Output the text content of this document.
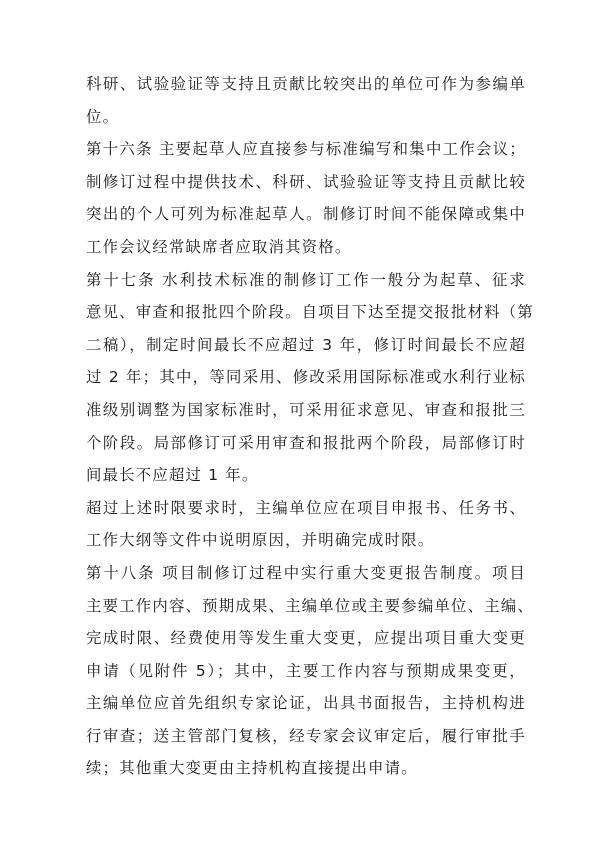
科研、试验验证等支持且贡献比较突出的单位可作为参编单
位。
第十六条 主要起草人应直接参与标准编写和集中工作会议；
制修订过程中提供技术、科研、试验验证等支持且贡献比较
突出的个人可列为标准起草人。制修订时间不能保障或集中
工作会议经常缺席者应取消其资格。
第十七条 水利技术标准的制修订工作一般分为起草、征求
意见、审查和报批四个阶段。自项目下达至提交报批材料（第
二稿），制定时间最长不应超过 3 年，修订时间最长不应超
过 2 年；其中，等同采用、修改采用国际标准或水利行业标
准级别调整为国家标准时，可采用征求意见、审查和报批三
个阶段。局部修订可采用审查和报批两个阶段，局部修订时
间最长不应超过 1 年。
超过上述时限要求时，主编单位应在项目申报书、任务书、
工作大纲等文件中说明原因，并明确完成时限。
第十八条 项目制修订过程中实行重大变更报告制度。项目
主要工作内容、预期成果、主编单位或主要参编单位、主编、
完成时限、经费使用等发生重大变更，应提出项目重大变更
申请（见附件 5）；其中，主要工作内容与预期成果变更，
主编单位应首先组织专家论证，出具书面报告，主持机构进
行审查；送主管部门复核，经专家会议审定后，履行审批手
续；其他重大变更由主持机构直接提出申请。
